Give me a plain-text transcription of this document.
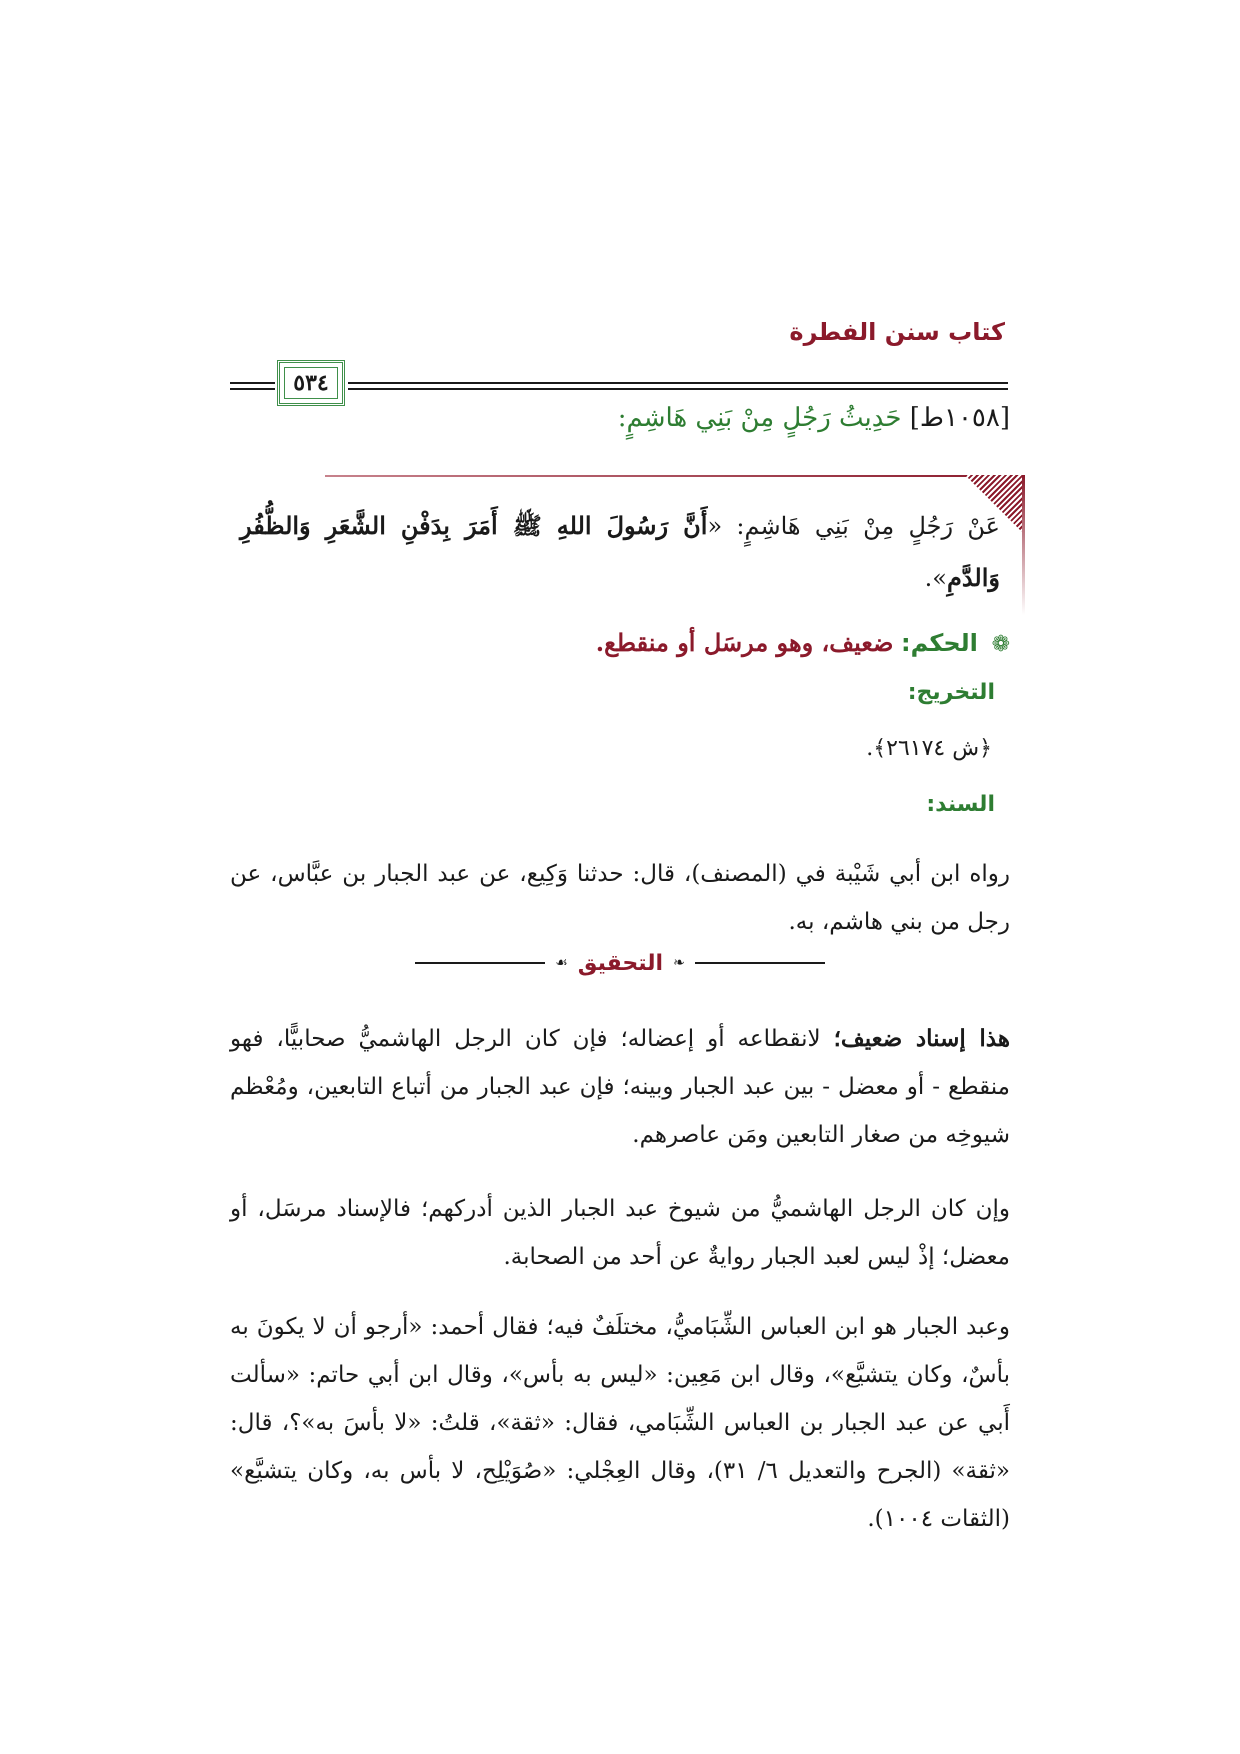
كتاب سنن الفطرة
٥٣٤
[١٠٥٨ط] حَدِيثُ رَجُلٍ مِنْ بَنِي هَاشِمٍ:
عَنْ رَجُلٍ مِنْ بَنِي هَاشِمٍ: «أَنَّ رَسُولَ اللهِ ﷺ أَمَرَ بِدَفْنِ الشَّعَرِ وَالظُّفُرِ وَالدَّمِ».
❁ الحكم: ضعيف، وهو مرسَل أو منقطع.
التخريج:
﴿ش ٢٦١٧٤﴾.
السند:
رواه ابن أبي شَيْبة في (المصنف)، قال: حدثنا وَكِيع، عن عبد الجبار بن عبَّاس، عن رجل من بني هاشم، به.
❧
التحقيق
☙
هذا إسناد ضعيف؛ لانقطاعه أو إعضاله؛ فإن كان الرجل الهاشميُّ صحابيًّا، فهو منقطع - أو معضل - بين عبد الجبار وبينه؛ فإن عبد الجبار من أتباع التابعين، ومُعْظم شيوخِه من صغار التابعين ومَن عاصرهم.
وإن كان الرجل الهاشميُّ من شيوخ عبد الجبار الذين أدركهم؛ فالإسناد مرسَل، أو معضل؛ إذْ ليس لعبد الجبار روايةٌ عن أحد من الصحابة.
وعبد الجبار هو ابن العباس الشِّبَاميُّ، مختلَفٌ فيه؛ فقال أحمد: «أرجو أن لا يكونَ به بأسٌ، وكان يتشيَّع»، وقال ابن مَعِين: «ليس به بأس»، وقال ابن أبي حاتم: «سألت أَبي عن عبد الجبار بن العباس الشِّبَامي، فقال: «ثقة»، قلتُ: «لا بأسَ به»؟، قال: «ثقة» (الجرح والتعديل ٦/ ٣١)، وقال العِجْلي: «صُوَيْلِح، لا بأس به، وكان يتشيَّع» (الثقات ١٠٠٤).
